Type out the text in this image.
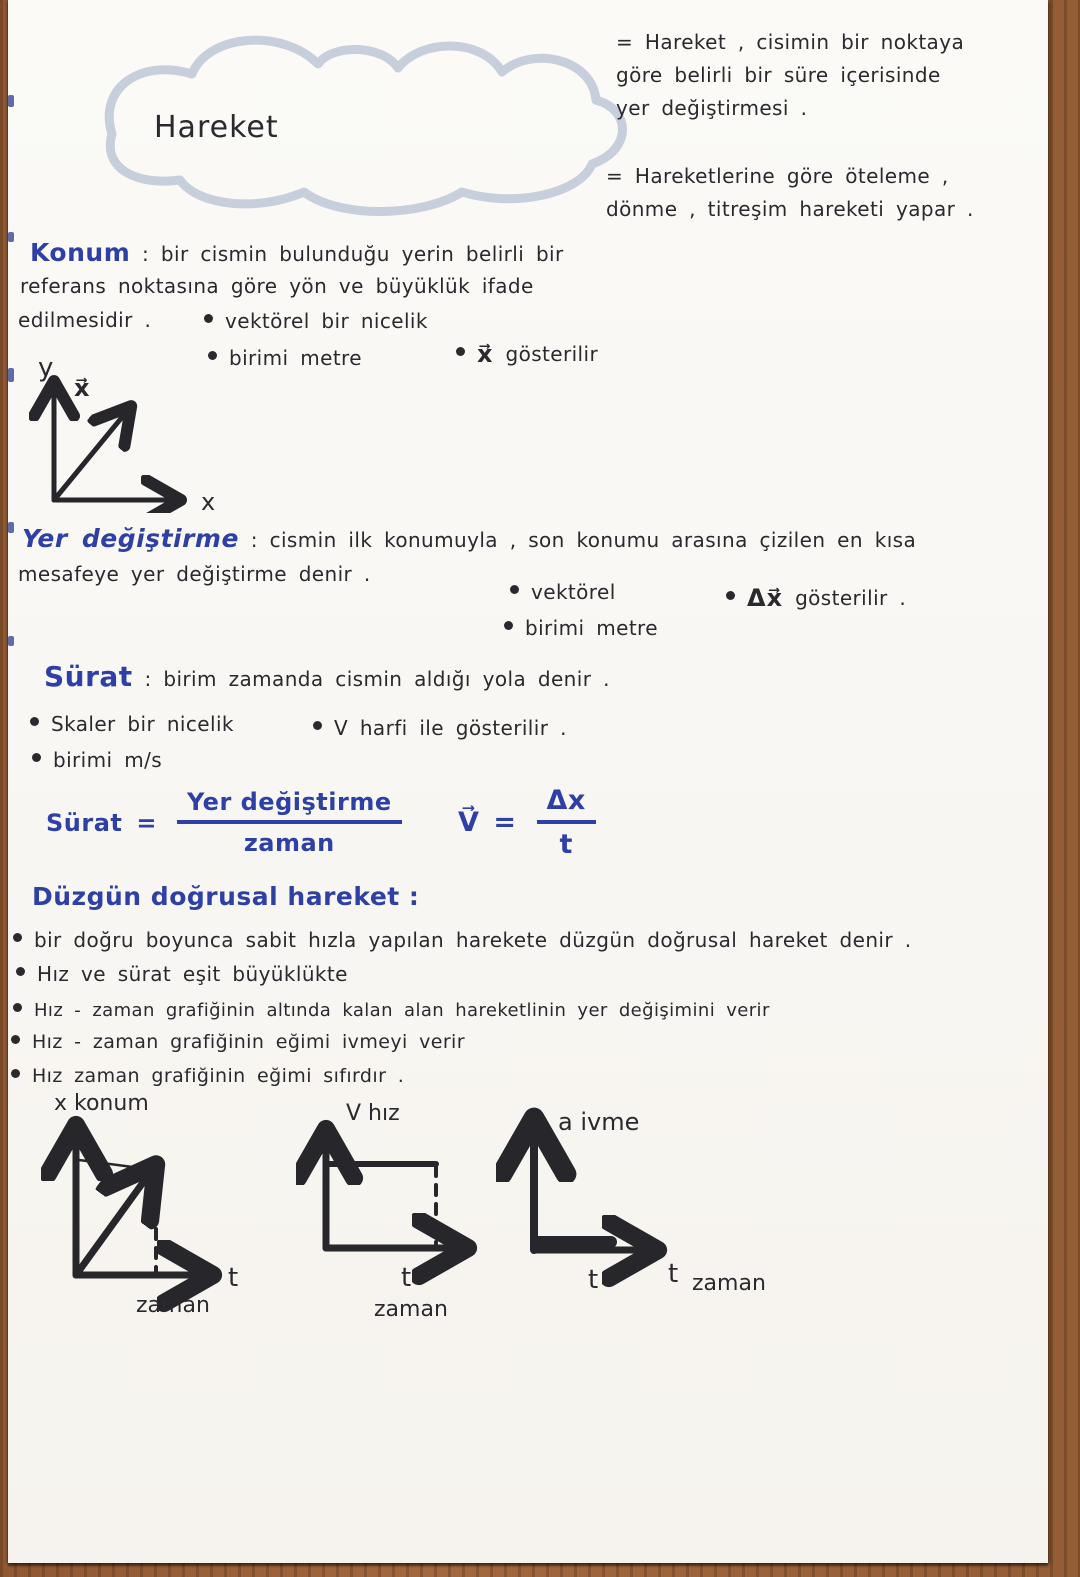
Hareket
= Hareket , cisimin bir noktaya
göre belirli bir süre içerisinde
yer değiştirmesi .
= Hareketlerine göre öteleme ,
dönme , titreşim hareketi yapar .
Konum : bir cismin bulunduğu yerin belirli bir
referans noktasına göre yön ve büyüklük ifade
edilmesidir .	vektörel bir nicelik
birimi metre	x⃗ gösterilir
y
x
x⃗
Yer değiştirme : cismin ilk konumuyla , son konumu arasına çizilen en kısa
mesafeye yer değiştirme denir .
vektörel
birimi metre
Δx⃗ gösterilir .
Sürat : birim zamanda cismin aldığı yola denir .
Skaler bir nicelik	V harfi ile gösterilir .
birimi m/s
Sürat = $\frac{\text{Yer değiştirme}}{\text{zaman}}$ V⃗ = $\frac{\Delta x}{t}$
Düzgün doğrusal hareket :
bir doğru boyunca sabit hızla yapılan harekete düzgün doğrusal hareket denir .
Hız ve sürat eşit büyüklükte
Hız - zaman grafiğinin altında kalan alan hareketlinin yer değişimini verir
Hız - zaman grafiğinin eğimi ivmeyi verir
Hız zaman grafiğinin eğimi sıfırdır .
x konum
t
zaman
V hız
t
zaman
a ivme
t	t zaman
